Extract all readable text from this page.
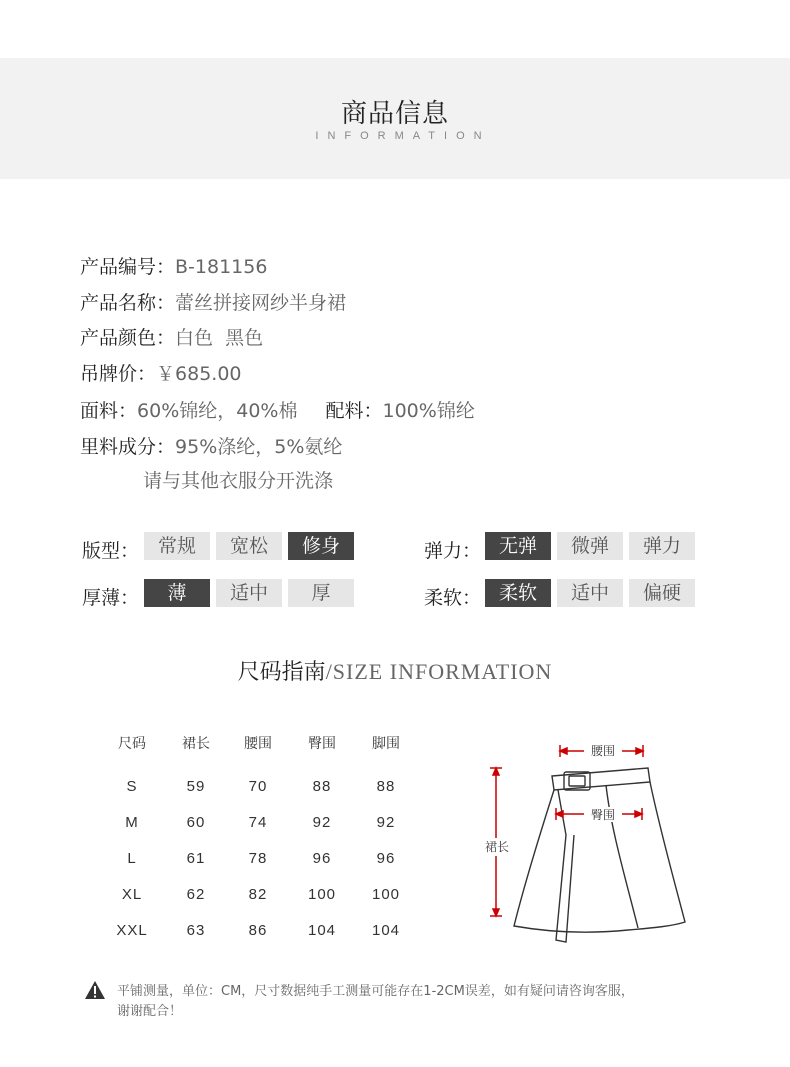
商品信息
INFORMATION
产品编号：B-181156
产品名称：蕾丝拼接网纱半身裙
产品颜色：白色  黑色
吊牌价：￥685.00
面料：60%锦纶，40%棉 配料：100%锦纶
里料成分：95%涤纶，5%氨纶
请与其他衣服分开洗涤
版型： 常规	宽松	修身	弹力： 无弹	微弹	弹力
厚薄：	薄	适中	厚	柔软： 柔软	适中	偏硬
尺码指南/SIZE INFORMATION
尺码	裙长	腰围	臀围	脚围
S	59	70	88	88
M	60	74	92	92
L	61	78	96	96
XL	62	82	100	100
XXL	63	86	104	104
腰围
裙长
臀围
平铺测量，单位：CM，尺寸数据纯手工测量可能存在1-2CM误差，如有疑问请咨询客服，谢谢配合！
